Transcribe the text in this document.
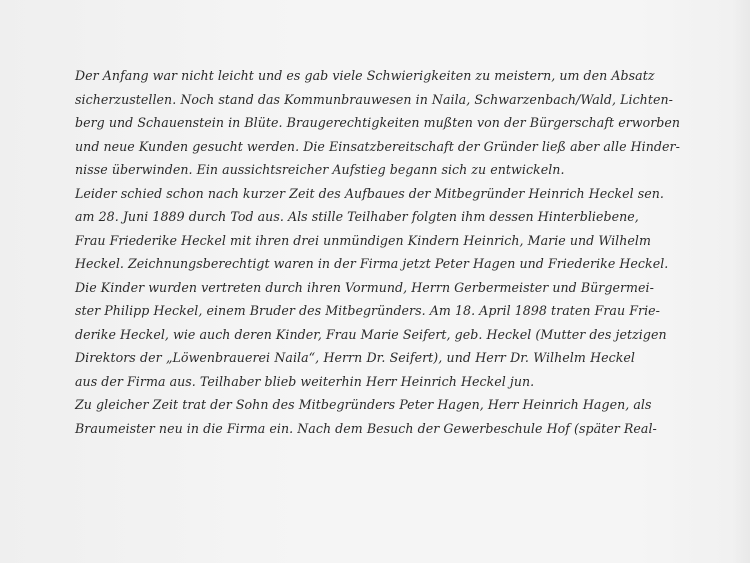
Der Anfang war nicht leicht und es gab viele Schwierigkeiten zu meistern, um den Absatz
sicherzustellen. Noch stand das Kommunbrauwesen in Naila, Schwarzenbach/Wald, Lichten-
berg und Schauenstein in Blüte. Braugerechtigkeiten mußten von der Bürgerschaft erworben
und neue Kunden gesucht werden. Die Einsatzbereitschaft der Gründer ließ aber alle Hinder-
nisse überwinden. Ein aussichtsreicher Aufstieg begann sich zu entwickeln.
Leider schied schon nach kurzer Zeit des Aufbaues der Mitbegründer Heinrich Heckel sen.
am 28. Juni 1889 durch Tod aus. Als stille Teilhaber folgten ihm dessen Hinterbliebene,
Frau Friederike Heckel mit ihren drei unmündigen Kindern Heinrich, Marie und Wilhelm
Heckel. Zeichnungsberechtigt waren in der Firma jetzt Peter Hagen und Friederike Heckel.
Die Kinder wurden vertreten durch ihren Vormund, Herrn Gerbermeister und Bürgermei-
ster Philipp Heckel, einem Bruder des Mitbegründers. Am 18. April 1898 traten Frau Frie-
derike Heckel, wie auch deren Kinder, Frau Marie Seifert, geb. Heckel (Mutter des jetzigen
Direktors der „Löwenbrauerei Naila“, Herrn Dr. Seifert), und Herr Dr. Wilhelm Heckel
aus der Firma aus. Teilhaber blieb weiterhin Herr Heinrich Heckel jun.
Zu gleicher Zeit trat der Sohn des Mitbegründers Peter Hagen, Herr Heinrich Hagen, als
Braumeister neu in die Firma ein. Nach dem Besuch der Gewerbeschule Hof (später Real-
